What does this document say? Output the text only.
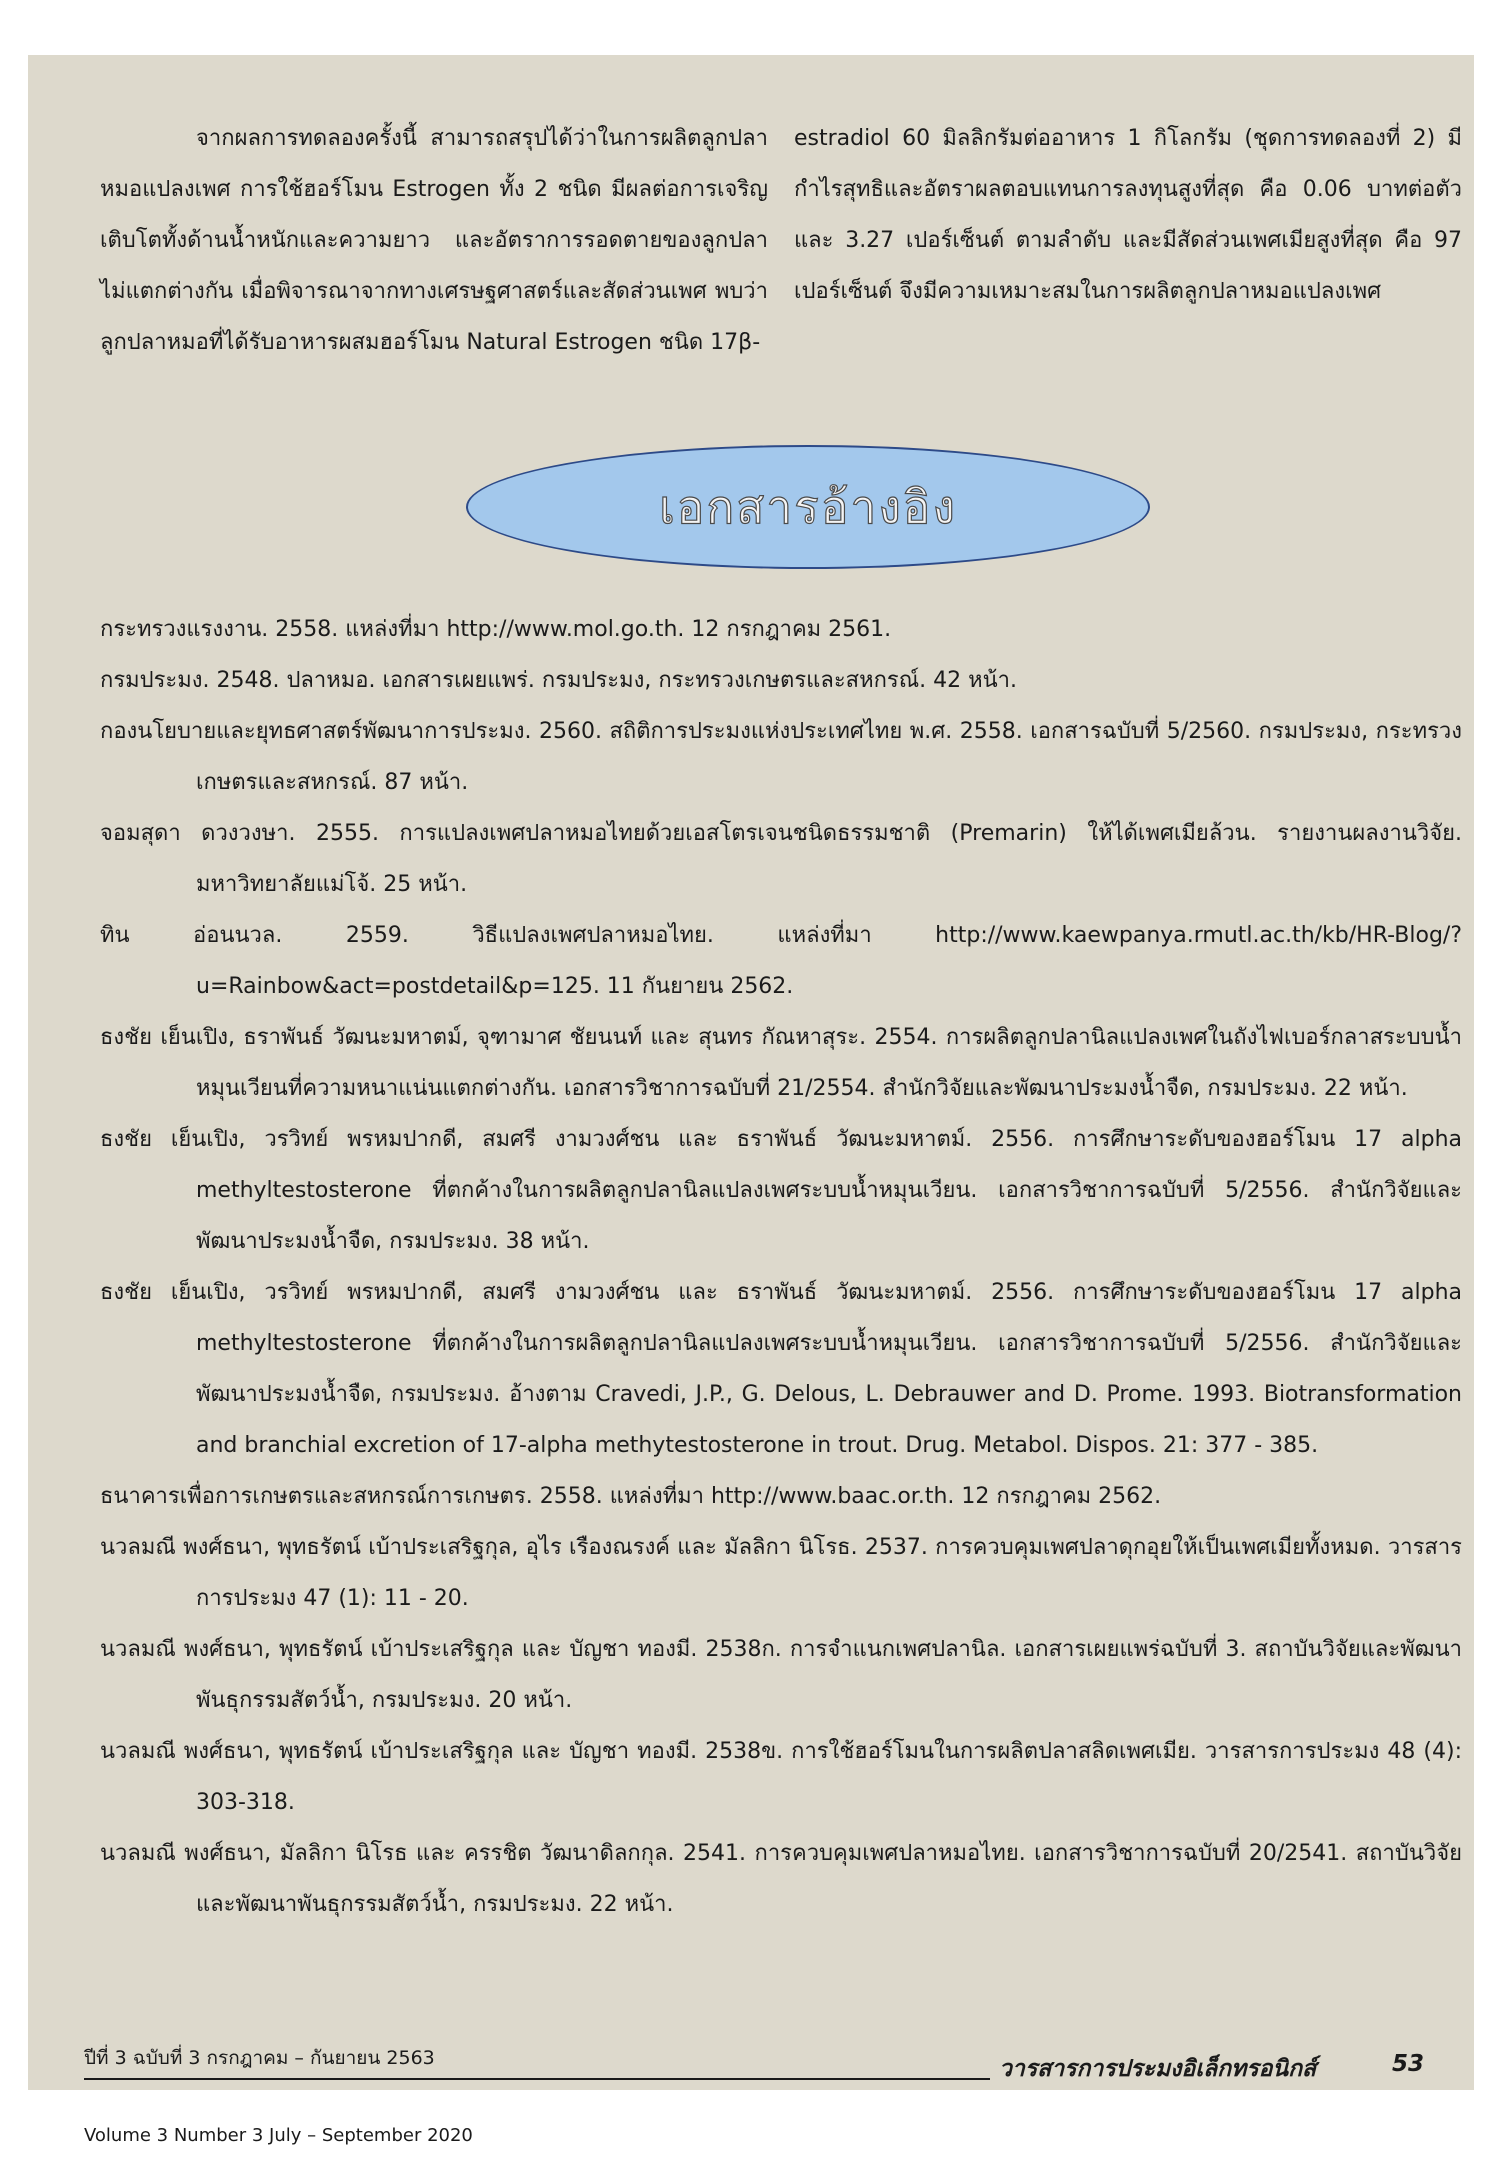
จากผลการทดลองครั้งนี้ สามารถสรุปได้ว่าในการผลิตลูกปลาหมอแปลงเพศ การใช้ฮอร์โมน Estrogen ทั้ง 2 ชนิด มีผลต่อการเจริญเติบโตทั้งด้านน้ำหนักและความยาว และอัตราการรอดตายของลูกปลาไม่แตกต่างกัน เมื่อพิจารณาจากทางเศรษฐศาสตร์และสัดส่วนเพศ พบว่าลูกปลาหมอที่ได้รับอาหารผสมฮอร์โมน Natural Estrogen ชนิด 17β-

estradiol 60 มิลลิกรัมต่ออาหาร 1 กิโลกรัม (ชุดการทดลองที่ 2) มีกำไรสุทธิและอัตราผลตอบแทนการลงทุนสูงที่สุด คือ 0.06 บาทต่อตัว และ 3.27 เปอร์เซ็นต์ ตามลำดับ และมีสัดส่วนเพศเมียสูงที่สุด คือ 97 เปอร์เซ็นต์ จึงมีความเหมาะสมในการผลิตลูกปลาหมอแปลงเพศ

เอกสารอ้างอิง

กระทรวงแรงงาน. 2558. แหล่งที่มา http://www.mol.go.th. 12 กรกฎาคม 2561.

กรมประมง. 2548. ปลาหมอ. เอกสารเผยแพร่. กรมประมง, กระทรวงเกษตรและสหกรณ์. 42 หน้า.

กองนโยบายและยุทธศาสตร์พัฒนาการประมง. 2560. สถิติการประมงแห่งประเทศไทย พ.ศ. 2558. เอกสารฉบับที่ 5/2560. กรมประมง, กระทรวงเกษตรและสหกรณ์. 87 หน้า.

จอมสุดา ดวงวงษา. 2555. การแปลงเพศปลาหมอไทยด้วยเอสโตรเจนชนิดธรรมชาติ (Premarin) ให้ได้เพศเมียล้วน. รายงานผลงานวิจัย. มหาวิทยาลัยแม่โจ้. 25 หน้า.

ทิน อ่อนนวล. 2559. วิธีแปลงเพศปลาหมอไทย. แหล่งที่มา http://www.kaewpanya.rmutl.ac.th/kb/HR-Blog/?u=Rainbow&act=postdetail&p=125. 11 กันยายน 2562.

ธงชัย เย็นเปิง, ธราพันธ์ วัฒนะมหาตม์, จุฑามาศ ชัยนนท์ และ สุนทร กัณหาสุระ. 2554. การผลิตลูกปลานิลแปลงเพศในถังไฟเบอร์กลาสระบบน้ำหมุนเวียนที่ความหนาแน่นแตกต่างกัน. เอกสารวิชาการฉบับที่ 21/2554. สำนักวิจัยและพัฒนาประมงน้ำจืด, กรมประมง. 22 หน้า.

ธงชัย เย็นเปิง, วรวิทย์ พรหมปากดี, สมศรี งามวงศ์ชน และ ธราพันธ์ วัฒนะมหาตม์. 2556. การศึกษาระดับของฮอร์โมน 17 alpha methyltestosterone ที่ตกค้างในการผลิตลูกปลานิลแปลงเพศระบบน้ำหมุนเวียน. เอกสารวิชาการฉบับที่ 5/2556. สำนักวิจัยและพัฒนาประมงน้ำจืด, กรมประมง. 38 หน้า.

ธงชัย เย็นเปิง, วรวิทย์ พรหมปากดี, สมศรี งามวงศ์ชน และ ธราพันธ์ วัฒนะมหาตม์. 2556. การศึกษาระดับของฮอร์โมน 17 alpha methyltestosterone ที่ตกค้างในการผลิตลูกปลานิลแปลงเพศระบบน้ำหมุนเวียน. เอกสารวิชาการฉบับที่ 5/2556. สำนักวิจัยและพัฒนาประมงน้ำจืด, กรมประมง. อ้างตาม Cravedi, J.P., G. Delous, L. Debrauwer and D. Prome. 1993. Biotransformation and branchial excretion of 17-alpha methytestosterone in trout. Drug. Metabol. Dispos. 21: 377 - 385.

ธนาคารเพื่อการเกษตรและสหกรณ์การเกษตร. 2558. แหล่งที่มา http://www.baac.or.th. 12 กรกฎาคม 2562.

นวลมณี พงศ์ธนา, พุทธรัตน์ เบ้าประเสริฐกุล, อุไร เรืองณรงค์ และ มัลลิกา นิโรธ. 2537. การควบคุมเพศปลาดุกอุยให้เป็นเพศเมียทั้งหมด. วารสารการประมง 47 (1): 11 - 20.

นวลมณี พงศ์ธนา, พุทธรัตน์ เบ้าประเสริฐกุล และ บัญชา ทองมี. 2538ก. การจำแนกเพศปลานิล. เอกสารเผยแพร่ฉบับที่ 3. สถาบันวิจัยและพัฒนาพันธุกรรมสัตว์น้ำ, กรมประมง. 20 หน้า.

นวลมณี พงศ์ธนา, พุทธรัตน์ เบ้าประเสริฐกุล และ บัญชา ทองมี. 2538ข. การใช้ฮอร์โมนในการผลิตปลาสลิดเพศเมีย. วารสารการประมง 48 (4): 303-318.

นวลมณี พงศ์ธนา, มัลลิกา นิโรธ และ ครรชิต วัฒนาดิลกกุล. 2541. การควบคุมเพศปลาหมอไทย. เอกสารวิชาการฉบับที่ 20/2541. สถาบันวิจัยและพัฒนาพันธุกรรมสัตว์น้ำ, กรมประมง. 22 หน้า.

ปีที่ 3 ฉบับที่ 3 กรกฎาคม – กันยายน 2563	วารสารการประมงอิเล็กทรอนิกส์	53
Volume 3 Number 3 July – September 2020
